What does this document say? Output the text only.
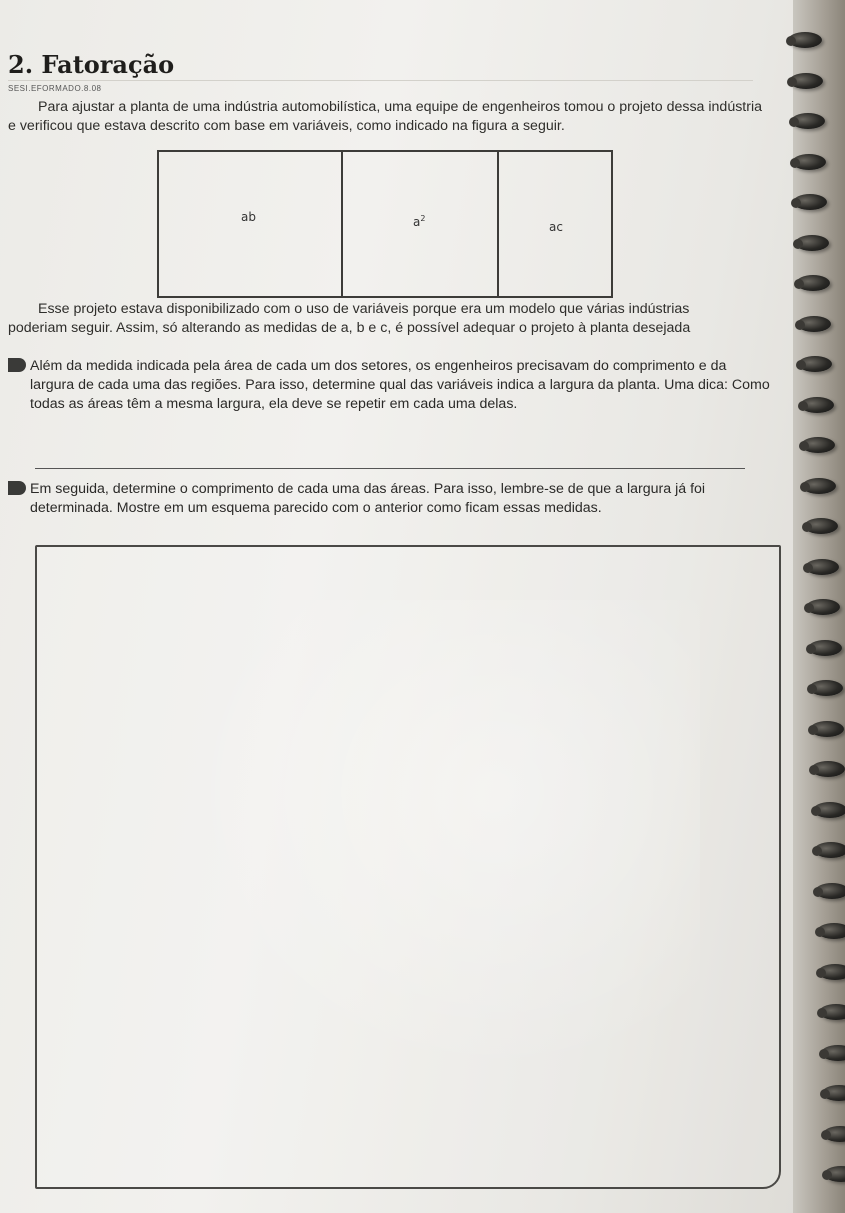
2. Fatoração
SESI.EFORMADO.8.08
Para ajustar a planta de uma indústria automobilística, uma equipe de engenheiros tomou o projeto dessa indústria e verificou que estava descrito com base em variáveis, como indicado na figura a seguir.
ab	$a^2$
ac
Esse projeto estava disponibilizado com o uso de variáveis porque era um modelo que várias indústrias poderiam seguir. Assim, só alterando as medidas de a, b e c, é possível adequar o projeto à planta desejada
Além da medida indicada pela área de cada um dos setores, os engenheiros precisavam do comprimento e da largura de cada uma das regiões. Para isso, determine qual das variáveis indica a largura da planta. Uma dica: Como todas as áreas têm a mesma largura, ela deve se repetir em cada uma delas.
Em seguida, determine o comprimento de cada uma das áreas. Para isso, lembre-se de que a largura já foi determinada. Mostre em um esquema parecido com o anterior como ficam essas medidas.
